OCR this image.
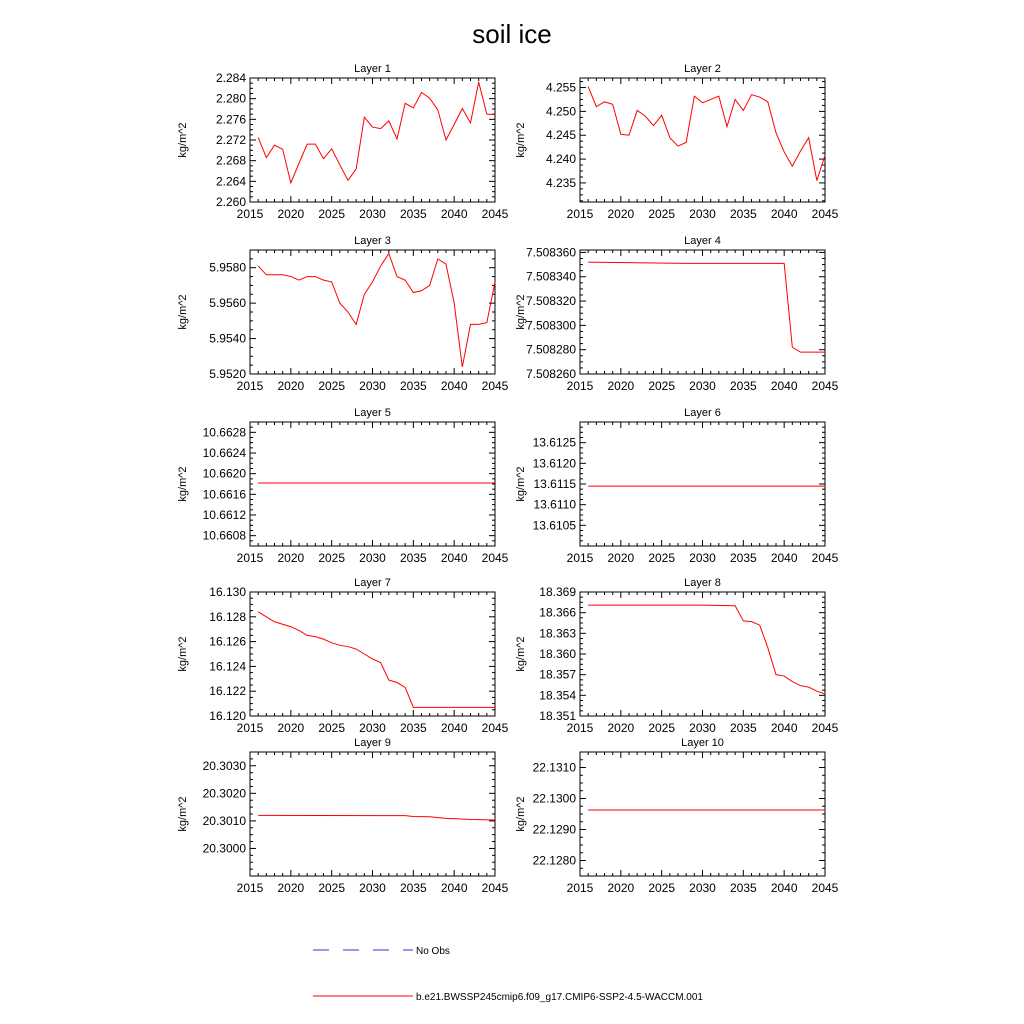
soil ice
Layer 1
kg/m^2
2015 2020 2025 2030 2035 2040 2045
2.260
2.264
2.268
2.272
2.276
2.280
2.284
Layer 2
kg/m^2
2015 2020 2025 2030 2035 2040 2045
4.235
4.240
4.245
4.250
4.255
Layer 3
kg/m^2
2015 2020 2025 2030 2035 2040 2045
5.9520
5.9540
5.9560
5.9580
Layer 4
kg/m^2
2015 2020 2025 2030 2035 2040 2045
7.508260
7.508280
7.508300
7.508320
7.508340
7.508360
Layer 5
kg/m^2
2015 2020 2025 2030 2035 2040 2045
10.6608
10.6612
10.6616
10.6620
10.6624
10.6628
Layer 6
kg/m^2
2015 2020 2025 2030 2035 2040 2045
13.6105
13.6110
13.6115
13.6120
13.6125
Layer 7
kg/m^2
2015 2020 2025 2030 2035 2040 2045
16.120
16.122
16.124
16.126
16.128
16.130
Layer 8
kg/m^2
2015 2020 2025 2030 2035 2040 2045
18.351
18.354
18.357
18.360
18.363
18.366
18.369
Layer 9
kg/m^2
2015 2020 2025 2030 2035 2040 2045
20.3000
20.3010
20.3020
20.3030
Layer 10
kg/m^2
2015 2020 2025 2030 2035 2040 2045
22.1280
22.1290
22.1300
22.1310
No Obs
b.e21.BWSSP245cmip6.f09_g17.CMIP6-SSP2-4.5-WACCM.001
